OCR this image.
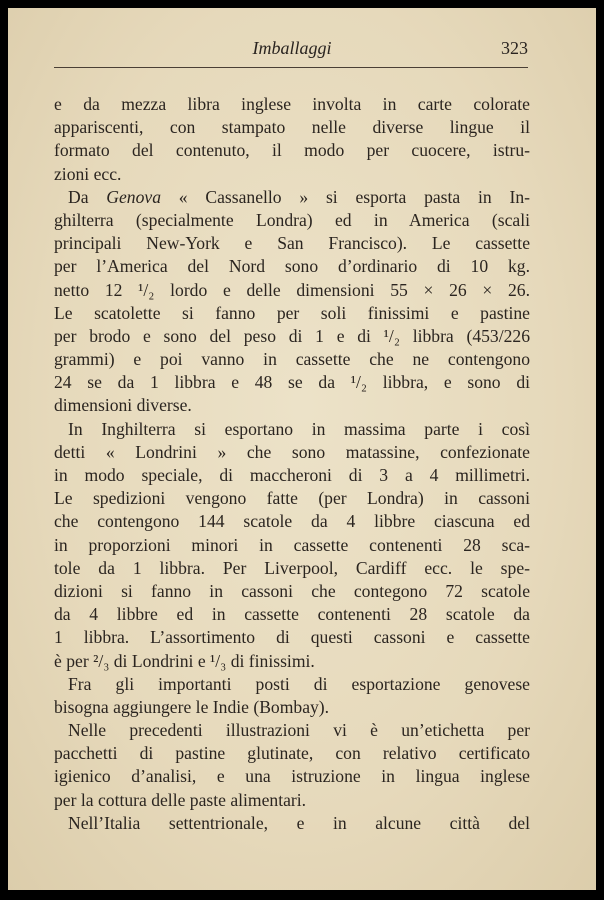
Imballaggi	323
e da mezza libra inglese involta in carte colorate
appariscenti, con stampato nelle diverse lingue il
formato del contenuto, il modo per cuocere, istru-
zioni ecc.
Da Genova « Cassanello » si esporta pasta in In-
ghilterra (specialmente Londra) ed in America (scali
principali New-York e San Francisco). Le cassette
per l’America del Nord sono d’ordinario di 10 kg.
netto 12 ¹/₂ lordo e delle dimensioni 55 × 26 × 26.
Le scatolette si fanno per soli finissimi e pastine
per brodo e sono del peso di 1 e di ¹/₂ libbra (453/226
grammi) e poi vanno in cassette che ne contengono
24 se da 1 libbra e 48 se da ¹/₂ libbra, e sono di
dimensioni diverse.
In Inghilterra si esportano in massima parte i così
detti « Londrini » che sono matassine, confezionate
in modo speciale, di maccheroni di 3 a 4 millimetri.
Le spedizioni vengono fatte (per Londra) in cassoni
che contengono 144 scatole da 4 libbre ciascuna ed
in proporzioni minori in cassette contenenti 28 sca-
tole da 1 libbra. Per Liverpool, Cardiff ecc. le spe-
dizioni si fanno in cassoni che contegono 72 scatole
da 4 libbre ed in cassette contenenti 28 scatole da
1 libbra. L’assortimento di questi cassoni e cassette
è per ²/₃ di Londrini e ¹/₃ di finissimi.
Fra gli importanti posti di esportazione genovese
bisogna aggiungere le Indie (Bombay).
Nelle precedenti illustrazioni vi è un’etichetta per
pacchetti di pastine glutinate, con relativo certificato
igienico d’analisi, e una istruzione in lingua inglese
per la cottura delle paste alimentari.
Nell’Italia settentrionale, e in alcune città del
